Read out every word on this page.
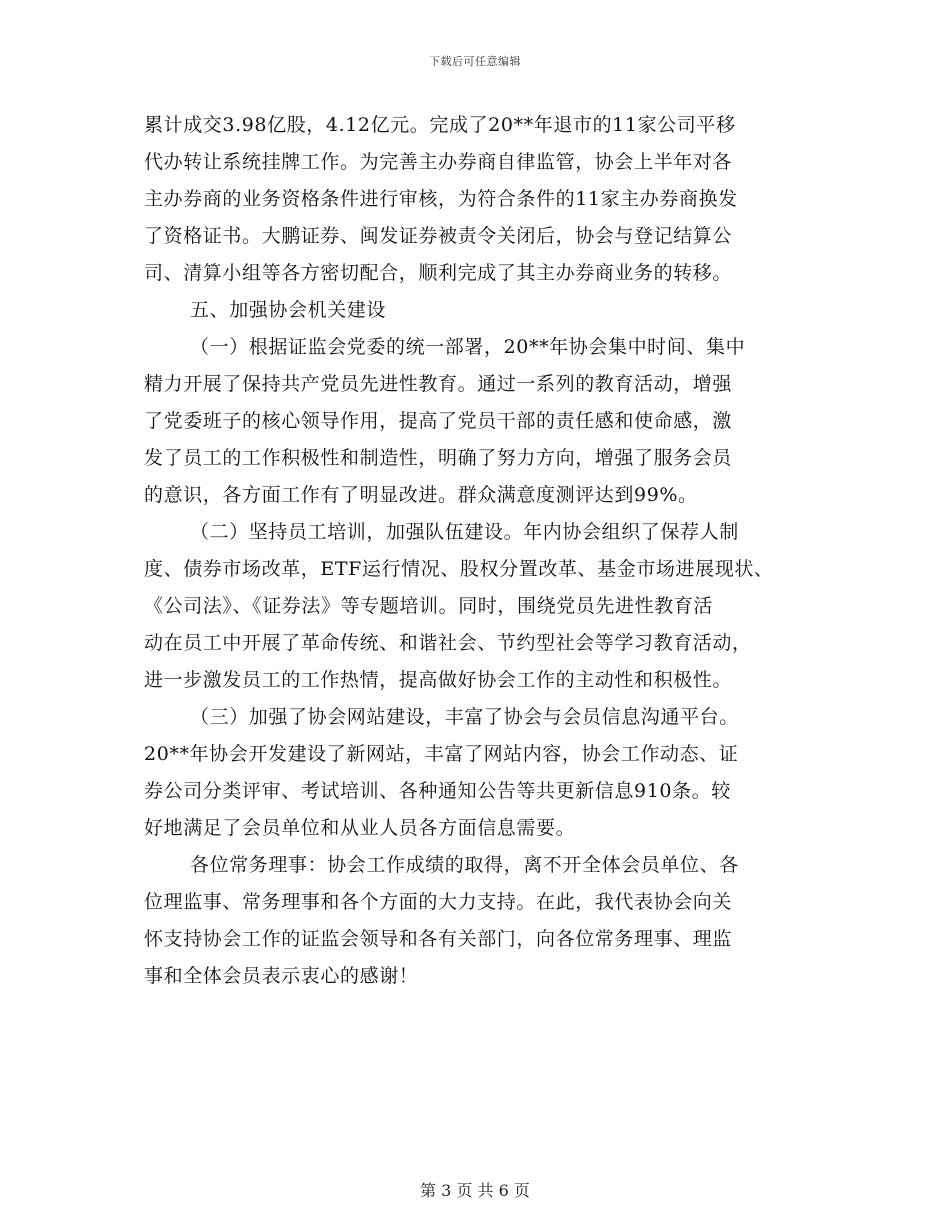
下载后可任意编辑
累计成交3.98亿股，4.12亿元。完成了20**年退市的11家公司平移
代办转让系统挂牌工作。为完善主办券商自律监管，协会上半年对各
主办券商的业务资格条件进行审核，为符合条件的11家主办券商换发
了资格证书。大鹏证券、闽发证券被责令关闭后，协会与登记结算公
司、清算小组等各方密切配合，顺利完成了其主办券商业务的转移。
五、加强协会机关建设
（一）根据证监会党委的统一部署，20**年协会集中时间、集中
精力开展了保持共产党员先进性教育。通过一系列的教育活动，增强
了党委班子的核心领导作用，提高了党员干部的责任感和使命感，激
发了员工的工作积极性和制造性，明确了努力方向，增强了服务会员
的意识，各方面工作有了明显改进。群众满意度测评达到99%。
（二）坚持员工培训，加强队伍建设。年内协会组织了保荐人制
度、债券市场改革，ETF运行情况、股权分置改革、基金市场进展现状、
《公司法》、《证券法》等专题培训。同时，围绕党员先进性教育活
动在员工中开展了革命传统、和谐社会、节约型社会等学习教育活动，
进一步激发员工的工作热情，提高做好协会工作的主动性和积极性。
（三）加强了协会网站建设，丰富了协会与会员信息沟通平台。
20**年协会开发建设了新网站，丰富了网站内容，协会工作动态、证
券公司分类评审、考试培训、各种通知公告等共更新信息910条。较
好地满足了会员单位和从业人员各方面信息需要。
各位常务理事：协会工作成绩的取得，离不开全体会员单位、各
位理监事、常务理事和各个方面的大力支持。在此，我代表协会向关
怀支持协会工作的证监会领导和各有关部门，向各位常务理事、理监
事和全体会员表示衷心的感谢！
第 3 页 共 6 页
